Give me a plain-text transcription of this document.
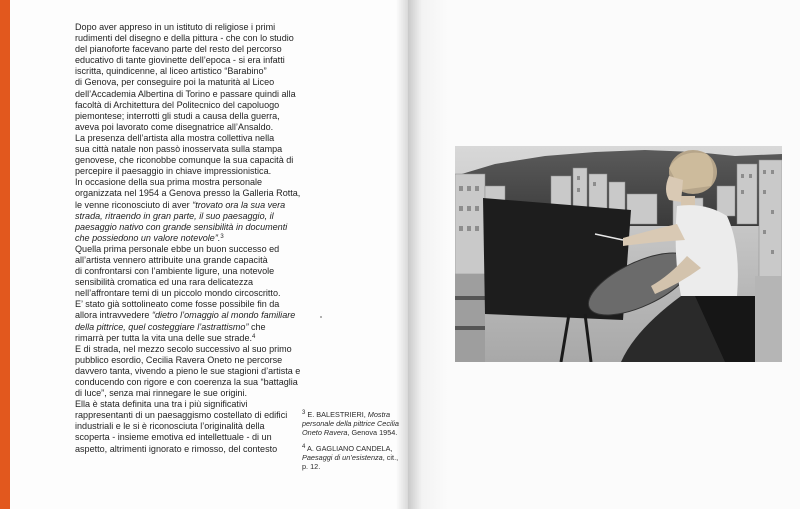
Dopo aver appreso in un istituto di religiose i primi
rudimenti del disegno e della pittura - che con lo studio
del pianoforte facevano parte del resto del percorso
educativo di tante giovinette dell’epoca - si era infatti
iscritta, quindicenne, al liceo artistico “Barabino”
di Genova, per conseguire poi la maturità al Liceo
dell’Accademia Albertina di Torino e passare quindi alla
facoltà di Architettura del Politecnico del capoluogo
piemontese; interrotti gli studi a causa della guerra,
aveva poi lavorato come disegnatrice all’Ansaldo.

La presenza dell’artista alla mostra collettiva nella
sua città natale non passò inosservata sulla stampa
genovese, che riconobbe comunque la sua capacità di
percepire il paesaggio in chiave impressionistica.

In occasione della sua prima mostra personale
organizzata nel 1954 a Genova presso la Galleria Rotta,
le venne riconosciuto di aver “trovato ora la sua vera
strada, ritraendo in gran parte, il suo paesaggio, il
paesaggio nativo con grande sensibilità in documenti
che possiedono un valore notevole”.$^3$

Quella prima personale ebbe un buon successo ed
all’artista vennero attribuite una grande capacità
di confrontarsi con l’ambiente ligure, una notevole
sensibilità cromatica ed una rara delicatezza
nell’affrontare temi di un piccolo mondo circoscritto.

E’ stato già sottolineato come fosse possibile fin da
allora intravvedere “dietro l’omaggio al mondo familiare
della pittrice, quel costeggiare l’astrattismo” che
rimarrà per tutta la vita una delle sue strade.$^4$

E di strada, nel mezzo secolo successivo al suo primo
pubblico esordio, Cecilia Ravera Oneto ne percorse
davvero tanta, vivendo a pieno le sue stagioni d’artista e
conducendo con rigore e con coerenza la sua “battaglia
di luce”, senza mai rinnegare le sue origini.

Ella è stata definita una tra i più significativi
rappresentanti di un paesaggismo costellato di edifici
industriali e le si è riconosciuta l’originalità della
scoperta - insieme emotiva ed intellettuale - di un
aspetto, altrimenti ignorato e rimosso, del contesto

$^3$ E. BALESTRIERI, Mostra
personale della pittrice Cecilia
Oneto Ravera, Genova 1954.
$^4$ A. GAGLIANO CANDELA,
Paesaggi di un’esistenza, cit.,
p. 12.
